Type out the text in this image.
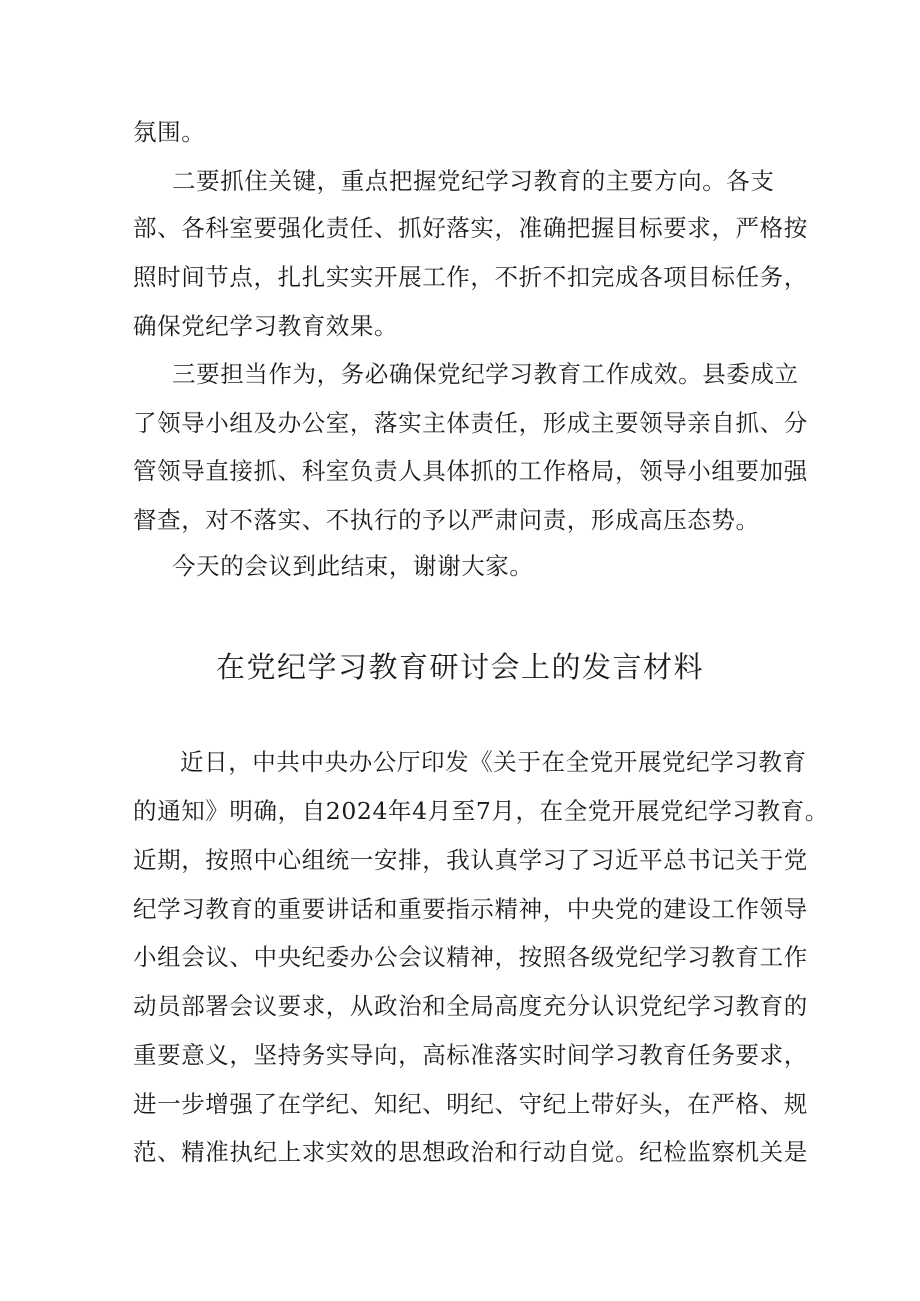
氛围。
二要抓住关键，重点把握党纪学习教育的主要方向。各支
部、各科室要强化责任、抓好落实，准确把握目标要求，严格按
照时间节点，扎扎实实开展工作，不折不扣完成各项目标任务，
确保党纪学习教育效果。
三要担当作为，务必确保党纪学习教育工作成效。县委成立
了领导小组及办公室，落实主体责任，形成主要领导亲自抓、分
管领导直接抓、科室负责人具体抓的工作格局，领导小组要加强
督查，对不落实、不执行的予以严肃问责，形成高压态势。
今天的会议到此结束，谢谢大家。
在党纪学习教育研讨会上的发言材料
近日，中共中央办公厅印发《关于在全党开展党纪学习教育
的通知》明确，自2024年4月至7月，在全党开展党纪学习教育。
近期，按照中心组统一安排，我认真学习了习近平总书记关于党
纪学习教育的重要讲话和重要指示精神，中央党的建设工作领导
小组会议、中央纪委办公会议精神，按照各级党纪学习教育工作
动员部署会议要求，从政治和全局高度充分认识党纪学习教育的
重要意义，坚持务实导向，高标准落实时间学习教育任务要求，
进一步增强了在学纪、知纪、明纪、守纪上带好头，在严格、规
范、精准执纪上求实效的思想政治和行动自觉。纪检监察机关是
